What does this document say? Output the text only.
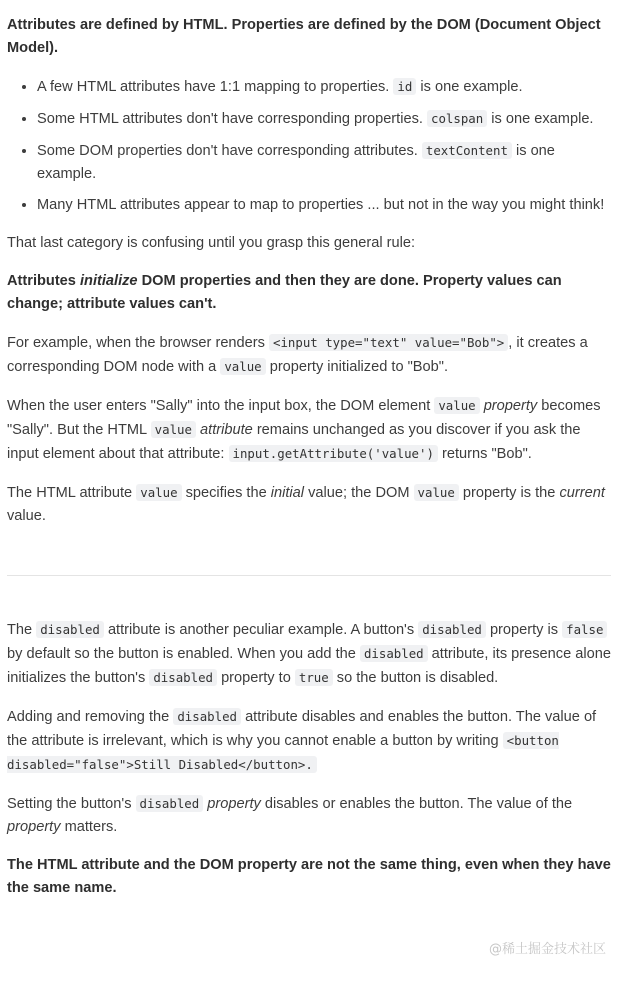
Attributes are defined by HTML. Properties are defined by the DOM (Document Object Model).

• A few HTML attributes have 1:1 mapping to properties. id is one example.
• Some HTML attributes don't have corresponding properties. colspan is one example.
• Some DOM properties don't have corresponding attributes. textContent is one example.
• Many HTML attributes appear to map to properties ... but not in the way you might think!

That last category is confusing until you grasp this general rule:

Attributes initialize DOM properties and then they are done. Property values can change; attribute values can't.

For example, when the browser renders <input type="text" value="Bob"> , it creates a corresponding DOM node with a value property initialized to "Bob".

When the user enters "Sally" into the input box, the DOM element value property becomes "Sally". But the HTML value attribute remains unchanged as you discover if you ask the input element about that attribute: input.getAttribute('value') returns "Bob".

The HTML attribute value specifies the initial value; the DOM value property is the current value.

The disabled attribute is another peculiar example. A button's disabled property is false by default so the button is enabled. When you add the disabled attribute, its presence alone initializes the button's disabled property to true so the button is disabled.

Adding and removing the disabled attribute disables and enables the button. The value of the attribute is irrelevant, which is why you cannot enable a button by writing <button disabled="false">Still Disabled</button>.

Setting the button's disabled property disables or enables the button. The value of the property matters.

The HTML attribute and the DOM property are not the same thing, even when they have the same name.

@稀土掘金技术社区
